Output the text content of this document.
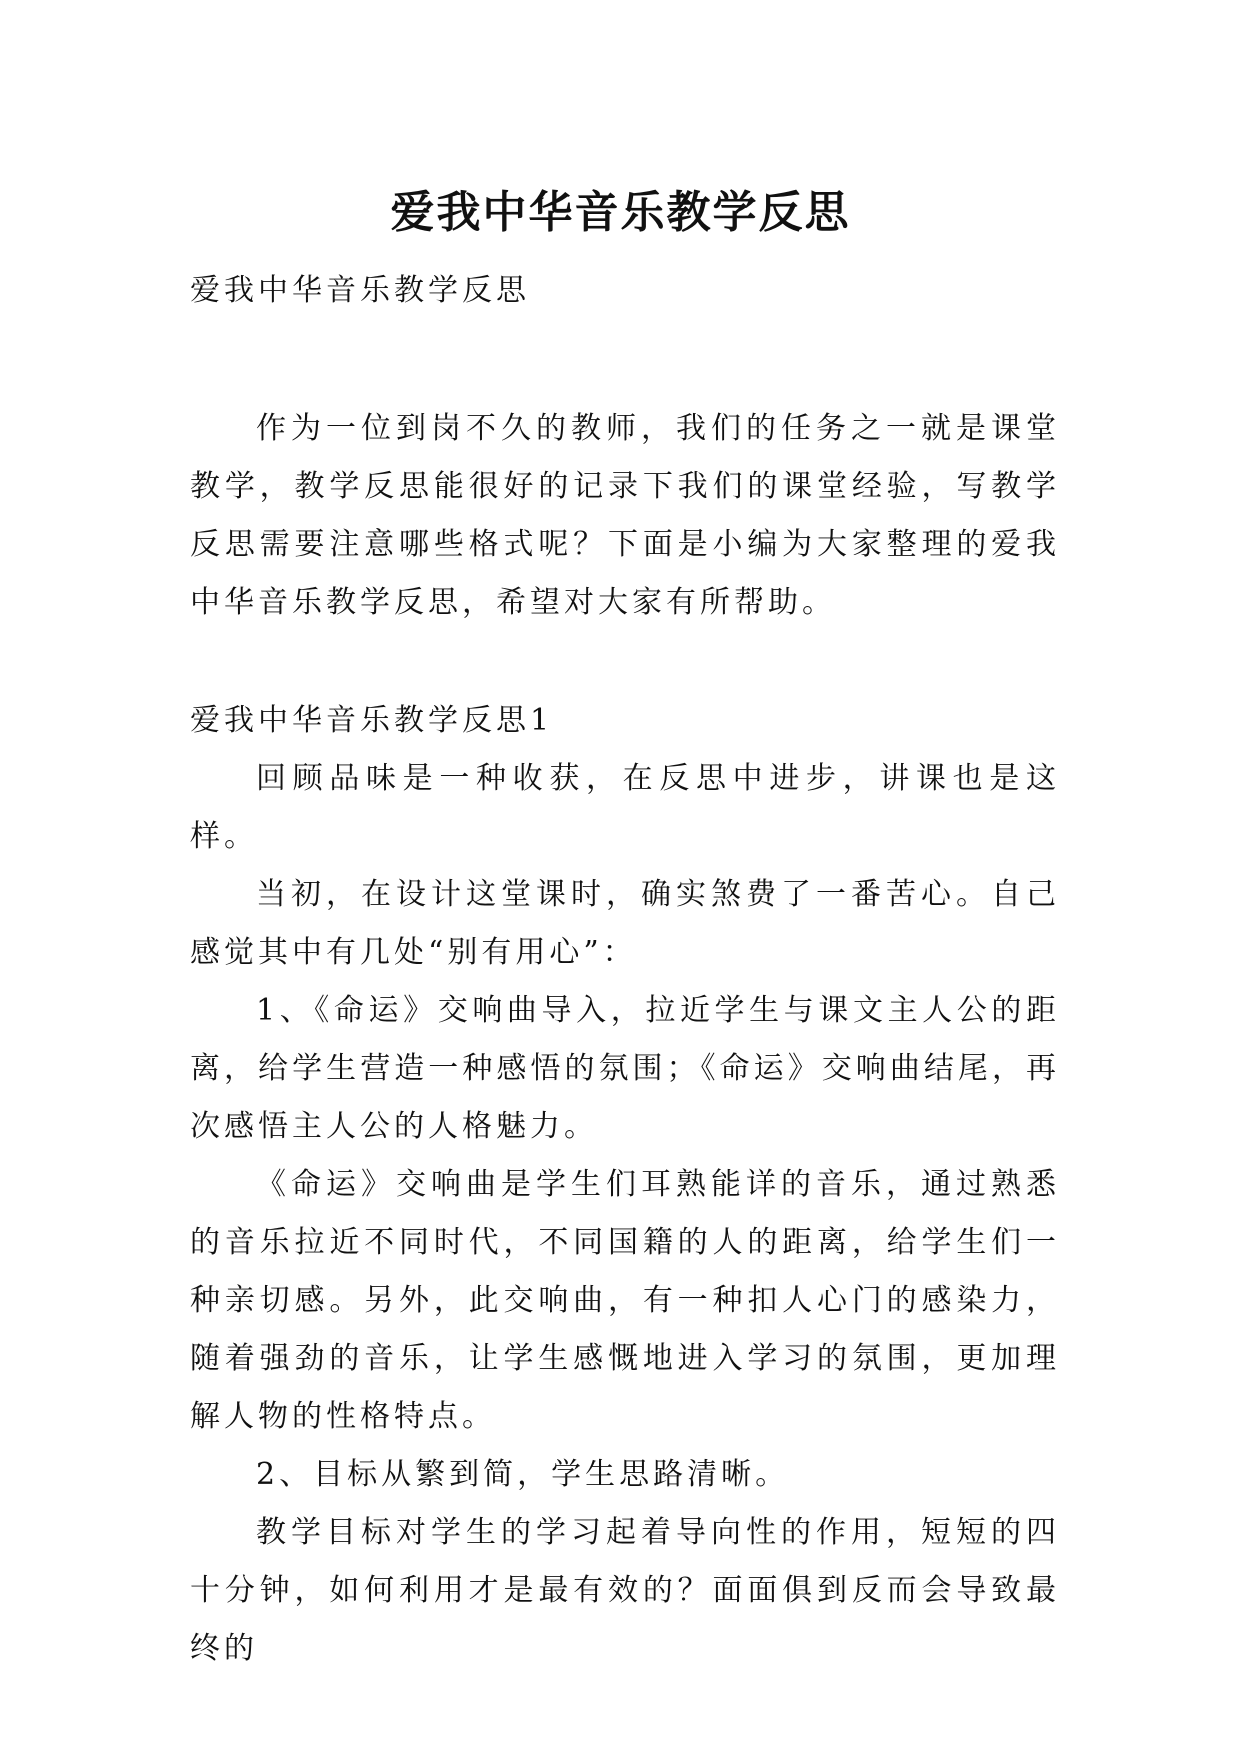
爱我中华音乐教学反思

爱我中华音乐教学反思

作为一位到岗不久的教师，我们的任务之一就是课堂教学，教学反思能很好的记录下我们的课堂经验，写教学反思需要注意哪些格式呢？下面是小编为大家整理的爱我中华音乐教学反思，希望对大家有所帮助。

爱我中华音乐教学反思1

回顾品味是一种收获，在反思中进步，讲课也是这样。

当初，在设计这堂课时，确实煞费了一番苦心。自己感觉其中有几处“别有用心”：

1、《命运》交响曲导入，拉近学生与课文主人公的距离，给学生营造一种感悟的氛围；《命运》交响曲结尾，再次感悟主人公的人格魅力。

《命运》交响曲是学生们耳熟能详的音乐，通过熟悉的音乐拉近不同时代，不同国籍的人的距离，给学生们一种亲切感。另外，此交响曲，有一种扣人心门的感染力，随着强劲的音乐，让学生感慨地进入学习的氛围，更加理解人物的性格特点。

2、目标从繁到简，学生思路清晰。

教学目标对学生的学习起着导向性的作用，短短的四十分钟，如何利用才是最有效的？面面俱到反而会导致最终的
